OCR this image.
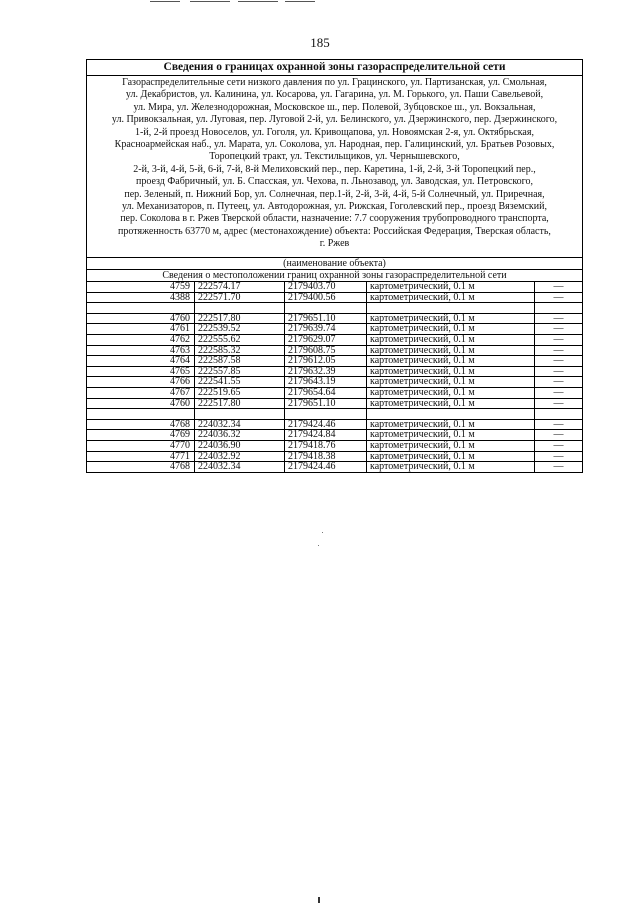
185
Сведения о границах охранной зоны газораспределительной сети
Газораспределительные сети низкого давления по ул. Грацинского, ул. Партизанская, ул. Смольная,
ул. Декабристов, ул. Калинина, ул. Косарова, ул. Гагарина, ул. М. Горького, ул. Паши Савельевой,
ул. Мира, ул. Железнодорожная, Московское ш., пер. Полевой, Зубцовское ш., ул. Вокзальная,
ул. Привокзальная, ул. Луговая, пер. Луговой 2-й, ул. Белинского, ул. Дзержинского, пер. Дзержинского,
1-й, 2-й проезд Новоселов, ул. Гоголя, ул. Кривощапова, ул. Новоямская 2-я, ул. Октябрьская,
Красноармейская наб., ул. Марата, ул. Соколова, ул. Народная, пер. Галицинский, ул. Братьев Розовых,
Торопецкий тракт, ул. Текстильщиков, ул. Чернышевского,
2-й, 3-й, 4-й, 5-й, 6-й, 7-й, 8-й Мелиховский пер., пер. Каретина, 1-й, 2-й, 3-й Торопецкий пер.,
проезд Фабричный, ул. Б. Спасская, ул. Чехова, п. Льнозавод, ул. Заводская, ул. Петровского,
пер. Зеленый, п. Нижний Бор, ул. Солнечная, пер.1-й, 2-й, 3-й, 4-й, 5-й Солнечный, ул. Приречная,
ул. Механизаторов, п. Путеец, ул. Автодорожная, ул. Рижская, Гоголевский пер., проезд Вяземский,
пер. Соколова в г. Ржев Тверской области, назначение: 7.7 сооружения трубопроводного транспорта,
протяженность 63770 м, адрес (местонахождение) объекта: Российская Федерация, Тверская область,
г. Ржев
(наименование объекта)
Сведения о местоположении границ охранной зоны газораспределительной сети
4759	222574.17	2179403.70	картометрический, 0.1 м	—
4388	222571.70	2179400.56	картометрический, 0.1 м	—

4760	222517.80	2179651.10	картометрический, 0.1 м	—
4761	222539.52	2179639.74	картометрический, 0.1 м	—
4762	222555.62	2179629.07	картометрический, 0.1 м	—
4763	222585.32	2179608.75	картометрический, 0.1 м	—
4764	222587.58	2179612.05	картометрический, 0.1 м	—
4765	222557.85	2179632.39	картометрический, 0.1 м	—
4766	222541.55	2179643.19	картометрический, 0.1 м	—
4767	222519.65	2179654.64	картометрический, 0.1 м	—
4760	222517.80	2179651.10	картометрический, 0.1 м	—

4768	224032.34	2179424.46	картометрический, 0.1 м	—
4769	224036.32	2179424.84	картометрический, 0.1 м	—
4770	224036.90	2179418.76	картометрический, 0.1 м	—
4771	224032.92	2179418.38	картометрический, 0.1 м	—
4768	224032.34	2179424.46	картометрический, 0.1 м	—
